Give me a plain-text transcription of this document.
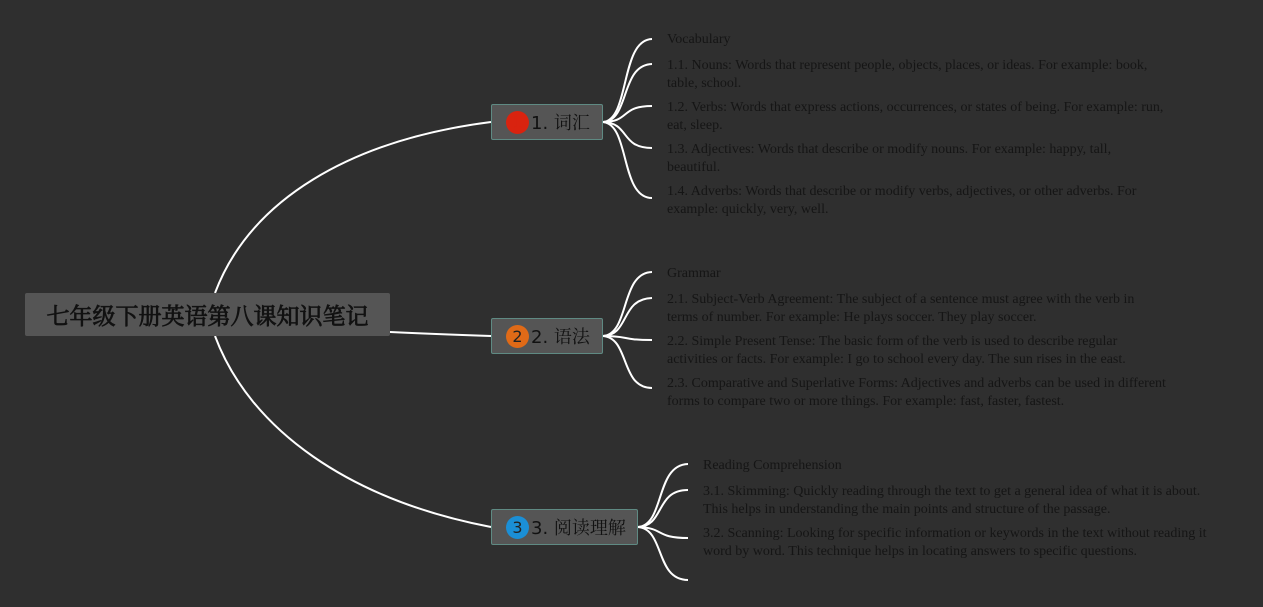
七年级下册英语第八课知识笔记
1 1. 词汇
Vocabulary
1.1. Nouns: Words that represent people, objects, places, or ideas. For example: book, table, school.
1.2. Verbs: Words that express actions, occurrences, or states of being. For example: run, eat, sleep.
1.3. Adjectives: Words that describe or modify nouns. For example: happy, tall, beautiful.
1.4. Adverbs: Words that describe or modify verbs, adjectives, or other adverbs. For example: quickly, very, well.
2 2. 语法
Grammar
2.1. Subject-Verb Agreement: The subject of a sentence must agree with the verb in terms of number. For example: He plays soccer. They play soccer.
2.2. Simple Present Tense: The basic form of the verb is used to describe regular activities or facts. For example: I go to school every day. The sun rises in the east.
2.3. Comparative and Superlative Forms: Adjectives and adverbs can be used in different forms to compare two or more things. For example: fast, faster, fastest.
3 3. 阅读理解
Reading Comprehension
3.1. Skimming: Quickly reading through the text to get a general idea of what it is about. This helps in understanding the main points and structure of the passage.
3.2. Scanning: Looking for specific information or keywords in the text without reading it word by word. This technique helps in locating answers to specific questions.
